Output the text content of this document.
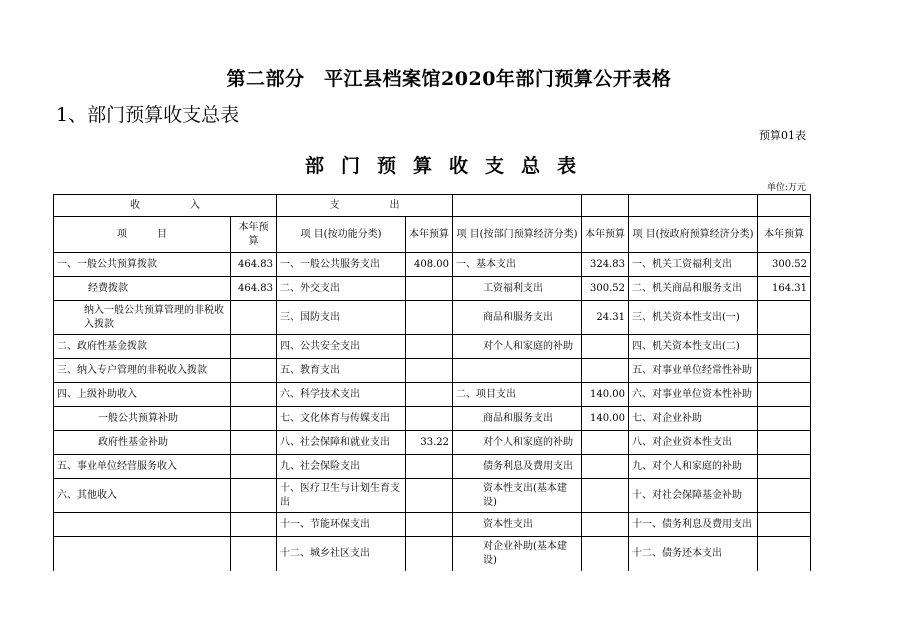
第二部分　平江县档案馆2020年部门预算公开表格
1、部门预算收支总表
预算01表
部门预算收支总表
单位:万元
收　　　　　入		支　　　　　出					
项　　　目	本年预算	项 目(按功能分类)	本年预算	项 目(按部门预算经济分类)	本年预算	项 目(按政府预算经济分类)	本年预算
一、一般公共预算拨款	464.83	一、一般公共服务支出	408.00	一、基本支出	324.83	一、机关工资福利支出	300.52
经费拨款	464.83	二、外交支出		工资福利支出	300.52	二、机关商品和服务支出	164.31
纳入一般公共预算管理的非税收入拨款		三、国防支出		商品和服务支出	24.31	三、机关资本性支出(一)	
二、政府性基金拨款		四、公共安全支出		对个人和家庭的补助		四、机关资本性支出(二)	
三、纳入专户管理的非税收入拨款		五、教育支出				五、对事业单位经常性补助	
四、上级补助收入		六、科学技术支出		二、项目支出	140.00	六、对事业单位资本性补助	
一般公共预算补助		七、文化体育与传媒支出		商品和服务支出	140.00	七、对企业补助	
政府性基金补助		八、社会保障和就业支出	33.22	对个人和家庭的补助		八、对企业资本性支出	
五、事业单位经营服务收入		九、社会保险支出		债务利息及费用支出		九、对个人和家庭的补助	
六、其他收入		十、医疗卫生与计划生育支出		资本性支出(基本建设)		十、对社会保障基金补助	
		十一、节能环保支出		资本性支出		十一、债务利息及费用支出	
		十二、城乡社区支出		对企业补助(基本建设)		十二、债务还本支出	
